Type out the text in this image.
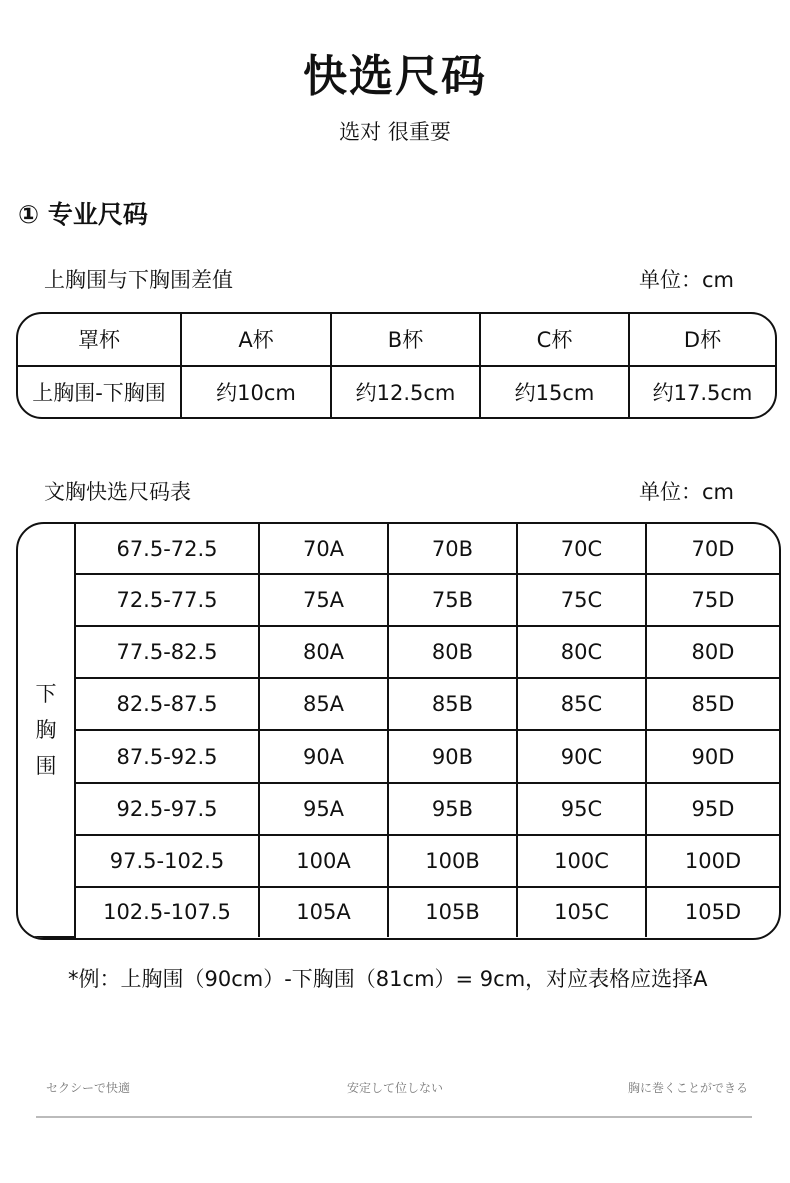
快选尺码

选对 很重要

① 专业尺码
上胸围与下胸围差值	单位：cm
罩杯	A杯	B杯	C杯	D杯
上胸围-下胸围	约10cm	约12.5cm	约15cm	约17.5cm
文胸快选尺码表	单位：cm
下
胸
围	67.5-72.5	70A	70B	70C	70D
	72.5-77.5	75A	75B	75C	75D
	77.5-82.5	80A	80B	80C	80D
	82.5-87.5	85A	85B	85C	85D
	87.5-92.5	90A	90B	90C	90D
	92.5-97.5	95A	95B	95C	95D
	97.5-102.5	100A	100B	100C	100D
	102.5-107.5	105A	105B	105C	105D
*例：上胸围（90cm）-下胸围（81cm）= 9cm，对应表格应选择A
セクシーで快適	安定して位しない	胸に巻くことができる
